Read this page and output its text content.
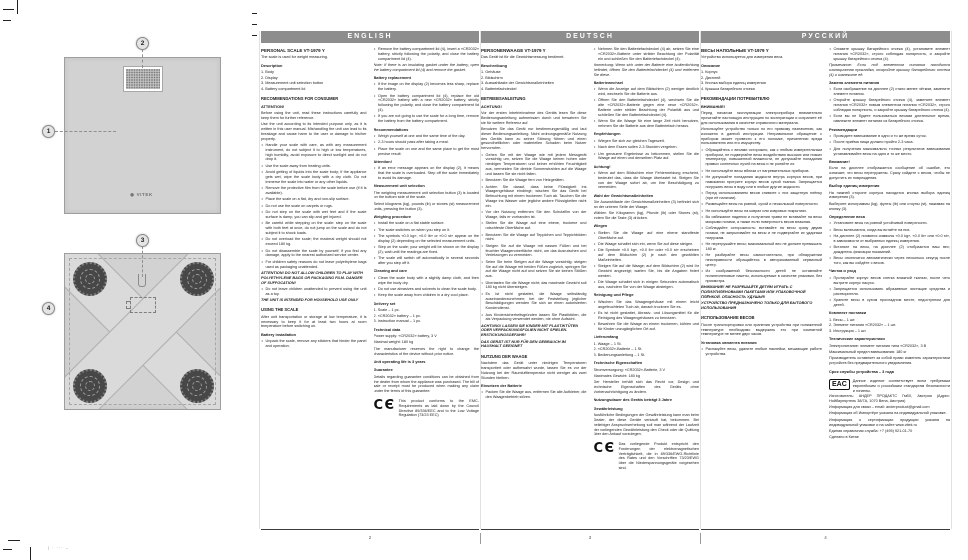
| · ··· –
2
1
◉ VITEK
3
4
ENGLISH
PERSONAL SCALE VT-1979 Y
The scale is used for weight measuring.
Description
1. Body
2. Display
3. Measurement unit selection button
4. Battery compartment lid
RECOMMENDATIONS FOR CONSUMER
ATTENTION!
Before using the unit, read these instructions carefully and keep them for further reference.
Use the unit according to its intended purpose only, as it is written in this user manual. Mishandling the unit can lead to its breakage and cause harm to the user or damage to his/her property.
• Handle your scale with care, as with any measurement instrument, do not subject it to high or low temperatures, high humidity, avoid exposure to direct sunlight and do not drop it.
• Use the scale away from heating units.
• Avoid getting of liquids into the scale body; if the appliance gets wet, wipe the scale body with a dry cloth. Do not immerse the scale into water or any other liquids.
• Remove the protective film from the scale before use (if it is available).
• Place the scale on a flat, dry and non-slip surface.
• Do not use the scale on carpets or rugs.
• Do not step on the scale with wet feet and if the scale surface is damp, you can slip and get injured.
• Be careful while stepping on the scale: step on the scale with both feet at once, do not jump on the scale and do not subject it to shock loads.
• Do not overload the scale; the maximal weight should not exceed 180 kg.
• Do not disassemble the scale by yourself; if you find any damage, apply to the nearest authorized service center.
• For children safety reasons do not leave polyethylene bags used as packaging unattended.
ATTENTION! DO NOT ALLOW CHILDREN TO PLAY WITH POLYETHYLENE BAGS OR PACKAGING FILM. DANGER OF SUFFOCATION!
• Do not leave children unattended to prevent using the unit as a toy.
THE UNIT IS INTENDED FOR HOUSEHOLD USE ONLY
USING THE SCALE
After unit transportation or storage at low temperature, it is necessary to keep it for at least two hours at room temperature before switching on.
Battery installation
• Unpack the scale, remove any stickers that hinder the panel and operation.
• Remove the battery compartment lid (4), insert a «CR2032» battery, strictly following the polarity, and close the battery compartment lid (4).
Note: If there is an insulating gasket under the battery, open the battery compartment lid (4) and remove the gasket.
Battery replacement
• If the image on the display (2) becomes less sharp, replace the battery.
• Open the battery compartment lid (4), replace the old «CR2032» battery with a new «CR2032» battery, strictly following the polarity, and close the battery compartment lid (4).
• If you are not going to use the scale for a long time, remove the battery from the battery compartment.
Recommendations
• Weigh yourself at one and the same time of the day.
• 2-3 hours should pass after taking a meal.
• Place the scale on one and the same place to get the most precise result.
Attention!
• If an error message appears on the display (2), it means that the scale is overloaded. Step off the scale immediately to avoid its damage.
Measurement unit selection
The weighing measurement unit selection button (3) is located on the bottom side of the scale.
Select kilograms (kg), pounds (lb) or stones (st) measurement units, pressing the button (3).
Weighing procedure
• Install the scale on a flat stable surface.
• The scale switches on when you step on it.
• The symbols «0.0 kg», «0.0 lb» or «0.0 st» appear on the display (2) depending on the selected measurement units.
• Step on the scale; your weight will be shown on the display (2); wait until the readings are fixed.
• The scale will switch off automatically in several seconds after you step off it.
Cleaning and care
• Clean the scale body with a slightly damp cloth, and then wipe the body dry.
• Do not use abrasives and solvents to clean the scale body.
• Keep the scale away from children in a dry cool place.
Delivery set
1. Scale – 1 pc.
2. «CR2032» battery – 1 pc.
3. Instruction manual – 1 pc.
Technical data
Power supply: «CR2032» battery, 3 V
Maximal weight: 180 kg
The manufacturer reserves the right to change the characteristics of the device without prior notice.
Unit operating life is 3 years
Guarantee
Details regarding guarantee conditions can be obtained from the dealer from whom the appliance was purchased. The bill of sale or receipt must be produced when making any claim under the terms of this guarantee.
CЄ This product conforms to the EMC-Requirements as laid down by the Council Directive 89/336/EEC and to the Low Voltage Regulation (73/23 EEC)
2
DEUTSCH
PERSONENWAAGE VT-1979 Y
Das Gerät ist für die Gewichtsmessung bestimmt.
Beschreibung
1. Gehäuse
2. Bildschirm
3. Auswahltaste der Gewichtsmaßeinheiten
4. Batteriefachdeckel
BETRIEBSANLEITUNG
ACHTUNG!
Vor der ersten Inbetriebnahme des Geräts lesen Sie diese Bedienungsanleitung aufmerksam durch und bewahren Sie sie für weitere Referenz auf.
Benutzen Sie das Gerät nur bestimmungsmäßig und laut dieser Bedienungsanleitung. Nicht ordnungsgemäße Nutzung des Geräts kann zu seiner Störung führen und einen gesundheitlichen oder materiellen Schaden beim Nutzer hervorrufen.
• Gehen Sie mit der Waage wie mit jedem Messgerät vorsichtig um, setzen Sie die Waage keinen hohen oder niedrigen Temperaturen und keiner erhöhten Feuchtigkeit aus, vermeiden Sie direkte Sonnenstrahlen auf die Waage und lassen Sie sie nicht fallen.
• Benutzen Sie die Waage fern von Heizgeräten.
• Achten Sie darauf, dass keine Flüssigkeit ins Waagengehäuse eindringt; wischen Sie das Gerät bei Befeuchtung mit einem trockenen Tuch ab. Tauchen Sie die Waage ins Wasser oder jegliche andere Flüssigkeiten nicht ein.
• Vor der Nutzung entfernen Sie den Schutzfilm von der Waage, falls er vorhanden ist.
• Stellen Sie die Waage auf eine ebene, trockene und rutschfeste Oberfläche auf.
• Benutzen Sie die Waage auf Teppichen und Teppichböden nicht.
• Steigen Sie auf die Waage mit nassen Füßen und bei feuchter Waagenoberfläche nicht, um das Ausrutschen und Verletzungen zu vermeiden.
• Seien Sie beim Steigen auf die Waage vorsichtig: steigen Sie auf die Waage mit beiden Füßen zugleich, springen Sie auf die Waage nicht auf und setzen Sie sie keinen Stößen aus.
• Überlasten Sie die Waage nicht; das maximale Gewicht soll 180 kg nicht übersteigen.
• Es ist nicht gestattet, die Waage selbständig auseinanderzunehmen; bei der Feststellung jeglicher Beschädigungen wenden Sie sich an einen autorisierten Kundendienst.
• Aus Kindersicherheitsgründen lassen Sie Plastiktüten, die als Verpackung verwendet werden, nie ohne Aufsicht.
ACHTUNG! LASSEN SIE KINDER MIT PLASTIKTÜTEN ODER VERPACKUNGSFOLIEN NICHT SPIELEN. ERSTICKUNGSGEFAHR!
DAS GERÄT IST NUR FÜR DEN GEBRAUCH IM HAUSHALT GEEIGNET
NUTZUNG DER WAAGE
Nachdem das Gerät unter niedrigen Temperaturen transportiert oder aufbewahrt wurde, lassen Sie es vor der Nutzung bei der Raumlufttemperatur nicht weniger als zwei Stunden bleiben.
Einsetzen der Batterie
• Packen Sie die Waage aus, entfernen Sie alle Aufkleber, die den Waagenbetrieb stören.
• Nehmen Sie den Batteriefachdeckel (4) ab, setzen Sie eine «CR2032»-Batterie unter strikter Beachtung der Polarität ein und schließen Sie den Batteriefachdeckel (4).
Anmerkung: Wenn sich unter der Batterie eine Isolierdichtung befindet, öffnen Sie den Batteriefachdeckel (4) und entfernen Sie diese.
Batteriewechsel
• Wenn die Anzeige auf dem Bildschirm (2) weniger deutlich wird, wechseln Sie die Batterie aus.
• Öffnen Sie den Batteriefachdeckel (4), wechseln Sie die alte «CR2032»-Batterie gegen eine neue «CR2032»-Batterie unter strikter Beachtung der Polarität aus und schließen Sie den Batteriefachdeckel (4).
• Wenn Sie die Waage für eine lange Zeit nicht benutzen, nehmen Sie die Batterie aus dem Batteriefach heraus.
Empfehlungen
• Wiegen Sie sich zur gleichen Tageszeit.
• Nach dem Essen sollen 2-3 Stunden vergehen.
• Um genauere Ergebnisse zu bekommen, stellen Sie die Waage auf einen und denselben Platz auf.
Achtung!
• Wenn auf dem Bildschirm eine Fehlermeldung erscheint, bedeutet das, dass die Waage überlastet ist. Steigen Sie von der Waage sofort ab, um ihre Beschädigung zu vermeiden.
Wahl der Gewichtsmaßeinheiten
Die Auswahltaste der Gewichtsmaßeinheiten (3) befindet sich an der unteren Seite der Waage.
Wählen Sie Kilogramm (kg), Pfunde (lb) oder Stones (st), indem Sie die Taste (3) drücken.
Wiegen
• Stellen Sie die Waage auf eine ebene standfeste Oberfläche auf.
• Die Waage schaltet sich ein, wenn Sie auf diese steigen.
• Die Symbole «0.0 kg», «0.0 lb» oder «0.0 st» erscheinen auf dem Bildschirm (2) je nach den gewählten Maßeinheiten.
• Steigen Sie auf die Waage; auf dem Bildschirm (2) wird Ihr Gewicht angezeigt; warten Sie, bis die Angaben fixiert werden.
• Die Waage schaltet sich in einigen Sekunden automatisch aus, nachdem Sie von der Waage absteigen.
Reinigung und Pflege
• Wischen Sie das Waagengehäuse mit einem leicht angefeuchteten Tuch ab, danach trocknen Sie es.
• Es ist nicht gestattet, Abrasiv- und Lösungsmittel für die Reinigung des Waagengehäuses zu benutzen.
• Bewahren Sie die Waage an einem trockenen, kühlen und für Kinder unzugänglichen Ort auf.
Lieferumfang
1. Waage – 1 St.
2. «CR2032»-Batterie – 1 St.
3. Bedienungsanleitung – 1 St.
Technische Eigenschaften
Stromversorgung: «CR2032»-Batterie, 3 V
Maximales Gewicht: 180 kg
Der Hersteller behält sich das Recht vor, Design und technische Eigenschaften des Geräts ohne Vorbenachrichtigung zu ändern.
Nutzungsdauer des Geräts beträgt 3 Jahre
Gewährleistung
Ausführliche Bedingungen der Gewährleistung kann man beim Dealer, der diese Geräte verkauft hat, bekommen. Bei beliebiger Anspruchserhebung soll man während der Laufzeit der vorliegenden Gewährleistung den Check oder die Quittung über den Ankauf vorzulegen.
CЄ Das vorliegende Produkt entspricht den Forderungen der elektromagnetischen Verträglichkeit, die in 89/336/EWG-Richtlinie des Rates und den Vorschriften 73/23/EWG über die Niederspannungsgeräte vorgesehen sind.
3
РУССКИЙ
ВЕСЫ НАПОЛЬНЫЕ VT-1979 Y
Устройство используется для измерения веса.
Описание
1. Корпус
2. Дисплей
3. Кнопка выбора единиц измерения
4. Крышка батарейного отсека
РЕКОМЕНДАЦИИ ПОТРЕБИТЕЛЮ
ВНИМАНИЕ!
Перед началом эксплуатации электроприбора внимательно прочитайте настоящую инструкцию по эксплуатации и сохраните её для использования в качестве справочного материала.
Используйте устройство только по его прямому назначению, как изложено в данной инструкции. Неправильное обращение с прибором может привести к его поломке, причинению вреда пользователю или его имуществу.
• Обращайтесь с весами осторожно, как с любым измерительным прибором, не подвергайте весы воздействию высоких или низких температур, повышенной влажности, не допускайте попадания прямых солнечных лучей на весы и не роняйте их.
• Не используйте весы вблизи от нагревательных приборов.
• Не допускайте попадания жидкости внутрь корпуса весов, при намокании протрите корпус весов сухой тканью. Запрещается погружать весы в воду или в любые другие жидкости.
• Перед использованием весов снимите с них защитную плёнку (при её наличии).
• Размещайте весы на ровной, сухой и нескользкой поверхности.
• Не используйте весы на коврах или ковровых покрытиях.
• Во избежание падения и получения травм не вставайте на весы мокрыми ногами, а также если поверхность весов влажная.
• Соблюдайте осторожность: вставайте на весы сразу двумя ногами, не запрыгивайте на весы и не подвергайте их ударным нагрузкам.
• Не перегружайте весы; максимальный вес не должен превышать 180 кг.
• Не разбирайте весы самостоятельно, при обнаружении неисправности обращайтесь в авторизованный сервисный центр.
• Из соображений безопасности детей не оставляйте полиэтиленовые пакеты, используемые в качестве упаковки, без присмотра.
ВНИМАНИЕ! НЕ РАЗРЕШАЙТЕ ДЕТЯМ ИГРАТЬ С ПОЛИЭТИЛЕНОВЫМИ ПАКЕТАМИ ИЛИ УПАКОВОЧНОЙ ПЛЁНКОЙ. ОПАСНОСТЬ УДУШЬЯ!
УСТРОЙСТВО ПРЕДНАЗНАЧЕНО ТОЛЬКО ДЛЯ БЫТОВОГО ИСПОЛЬЗОВАНИЯ
ИСПОЛЬЗОВАНИЕ ВЕСОВ
После транспортировки или хранения устройства при пониженной температуре необходимо выдержать его при комнатной температуре не менее двух часов.
Установка элемента питания
• Распакуйте весы, удалите любые наклейки, мешающие работе устройства.
• Снимите крышку батарейного отсека (4), установите элемент питания «CR2032», строго соблюдая полярность, и закройте крышку батарейного отсека (4).
Примечание: Если под элементом питания находится изоляционная прокладка, откройте крышку батарейного отсека (4) и извлеките её.
Замена элемента питания
• Если изображение на дисплее (2) стало менее чётким, замените элемент питания.
• Откройте крышку батарейного отсека (4), замените элемент питания «CR2032» новым элементом питания «CR2032», строго соблюдая полярность, и закройте крышку батарейного отсека (4).
• Если вы не будете пользоваться весами длительное время, извлеките элемент питания из батарейного отсека.
Рекомендации
• Проводите взвешивание в одно и то же время суток.
• После приёма пищи должно пройти 2-3 часа.
• Для получения максимально точных результатов взвешивания устанавливайте весы на одно и то же место.
Внимание!
Если на дисплее отображается сообщение об ошибке, это означает, что весы перегружены. Сразу сойдите с весов, чтобы не допустить их повреждения.
Выбор единиц измерения
На нижней стороне корпуса находится кнопка выбора единиц измерения (3).
Выберите килограммы (kg), фунты (lb) или стоуны (st), нажимая на кнопку (3).
Определение веса
• Установите весы на ровной устойчивой поверхности.
• Весы включаются, когда вы встаёте на них.
• На дисплее (2) появятся символы «0.0 kg», «0.0 lb» или «0.0 st», в зависимости от выбранных единиц измерения.
• Встаньте на весы, на дисплее (2) отобразится ваш вес; дождитесь фиксации показаний.
• Весы отключатся автоматически через несколько секунд после того, как вы сойдёте с весов.
Чистка и уход
• Протирайте корпус весов слегка влажной тканью, после чего вытрите корпус насухо.
• Запрещается использовать абразивные чистящие средства и растворители.
• Храните весы в сухом прохладном месте, недоступном для детей.
Комплект поставки
1. Весы – 1 шт.
2. Элемент питания «CR2032» – 1 шт.
3. Инструкция – 1 шт.
Технические характеристики
Электропитание: элемент питания типа «CR2032», 3 В
Максимальный предел взвешивания: 180 кг
Производитель оставляет за собой право изменять характеристики устройств без предварительного уведомления.
Срок службы устройства – 3 года
EAC	Данное изделие соответствует всем требуемым европейским и российским стандартам безопасности и гигиены.
Изготовитель: АНДЕР ПРОДАКТС ГмбХ, Австрия (Адрес: Нойбаугюртель 38/7А, 1070 Вена, Австрия)
Информация для связи – email: anderproduct@gmail.com
Информация об Импортёре указана на индивидуальной упаковке.
Информация о сертификации продукции указана на индивидуальной упаковке и на сайте www.vitek.ru
Единая справочная служба: +7 (495) 921-01-70
Сделано в Китае
4
